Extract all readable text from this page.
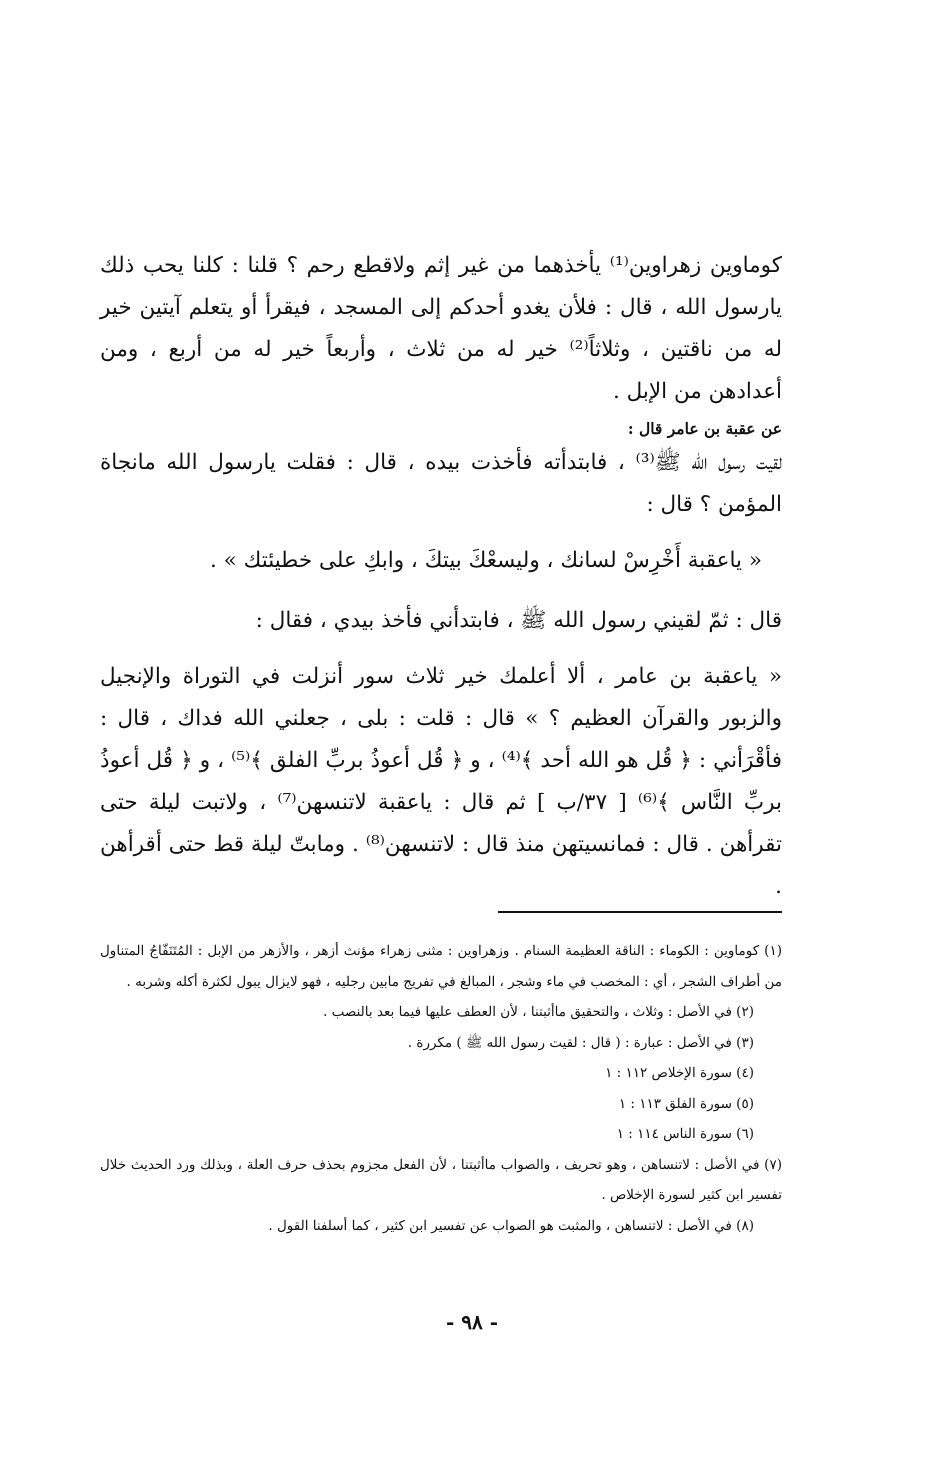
كوماوين زهراوين⁽¹⁾ يأخذهما من غير إثم ولاقطع رحم ؟ قلنا : كلنا يحب ذلك يارسول الله ، قال : فلأن يغدو أحدكم إلى المسجد ، فيقرأ أو يتعلم آيتين خير له من ناقتين ، وثلاثاً⁽²⁾ خير له من ثلاث ، وأربعاً خير له من أربع ، ومن أعدادهن من الإبل .

عن عقبة بن عامر قال :

لقيت رسول الله ﷺ⁽³⁾ ، فابتدأته فأخذت بيده ، قال : فقلت يارسول الله مانجاة المؤمن ؟ قال :

« ياعقبة أَخْرِسْ لسانك ، وليسعْكَ بيتكَ ، وابكِ على خطيئتك » .

قال : ثمّ لقيني رسول الله ﷺ ، فابتدأني فأخذ بيدي ، فقال :

« ياعقبة بن عامر ، ألا أعلمك خير ثلاث سور أنزلت في التوراة والإنجيل والزبور والقرآن العظيم ؟ » قال : قلت : بلى ، جعلني الله فداك ، قال : فأقْرَأني : ﴿ قُل هو الله أحد ﴾⁽⁴⁾ ، و ﴿ قُل أعوذُ بربِّ الفلق ﴾⁽⁵⁾ ، و ﴿ قُل أعوذُ بربِّ النَّاس ﴾⁽⁶⁾ [ ٣٧/ب ] ثم قال : ياعقبة لاتنسهن⁽⁷⁾ ، ولاتبت ليلة حتى تقرأهن . قال : فمانسيتهن منذ قال : لاتنسهن⁽⁸⁾ . ومابتّ ليلة قط حتى أقرأهن .

(١) كوماوين : الكوماء : الناقة العظيمة السنام . وزهراوين : مثنى زهراء مؤنث أزهر ، والأزهر من الإبل : المُتَنَفّاجُ المتناول من أطراف الشجر ، أي : المخصب في ماء وشجر ، المبالغ في تفريج مابين رجليه ، فهو لايزال يبول لكثرة أكله وشربه .

(٢) في الأصل : وثلاث ، والتحقيق ماأثبتنا ، لأن العطف عليها فيما بعد بالنصب .

(٣) في الأصل : عبارة : ( قال : لقيت رسول الله ﷺ ) مكررة .

(٤) سورة الإخلاص ١١٢ : ١

(٥) سورة الفلق ١١٣ : ١

(٦) سورة الناس ١١٤ : ١

(٧) في الأصل : لاتنساهن ، وهو تحريف ، والصواب ماأثبتنا ، لأن الفعل مجزوم بحذف حرف العلة ، وبذلك ورد الحديث خلال تفسير ابن كثير لسورة الإخلاص .

(٨) في الأصل : لاتنساهن ، والمثبت هو الصواب عن تفسير ابن كثير ، كما أسلفنا القول .

- ٩٨ -
